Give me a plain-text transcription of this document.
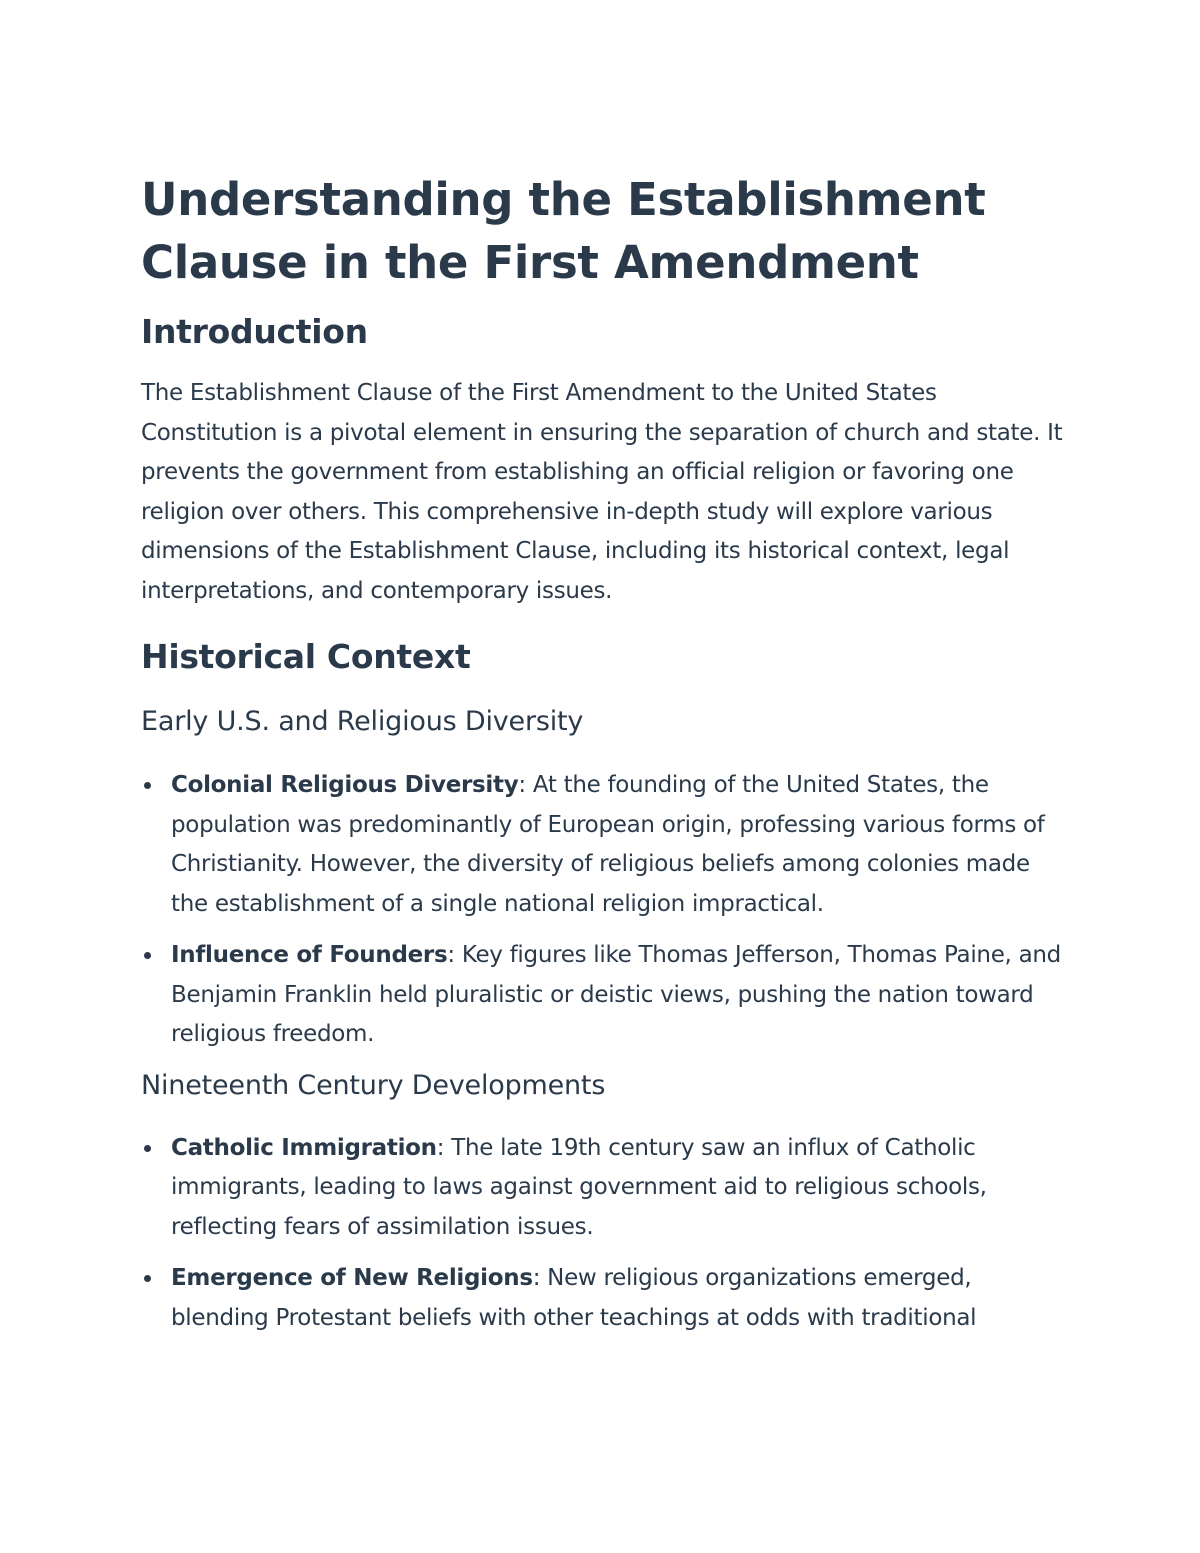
Understanding the Establishment Clause in the First Amendment
Introduction

The Establishment Clause of the First Amendment to the United States Constitution is a pivotal element in ensuring the separation of church and state. It prevents the government from establishing an official religion or favoring one religion over others. This comprehensive in-depth study will explore various dimensions of the Establishment Clause, including its historical context, legal interpretations, and contemporary issues.

Historical Context
Early U.S. and Religious Diversity
Colonial Religious Diversity: At the founding of the United States, the population was predominantly of European origin, professing various forms of Christianity. However, the diversity of religious beliefs among colonies made the establishment of a single national religion impractical.
Influence of Founders: Key figures like Thomas Jefferson, Thomas Paine, and Benjamin Franklin held pluralistic or deistic views, pushing the nation toward religious freedom.
Nineteenth Century Developments
Catholic Immigration: The late 19th century saw an influx of Catholic immigrants, leading to laws against government aid to religious schools, reflecting fears of assimilation issues.
Emergence of New Religions: New religious organizations emerged, blending Protestant beliefs with other teachings at odds with traditional
